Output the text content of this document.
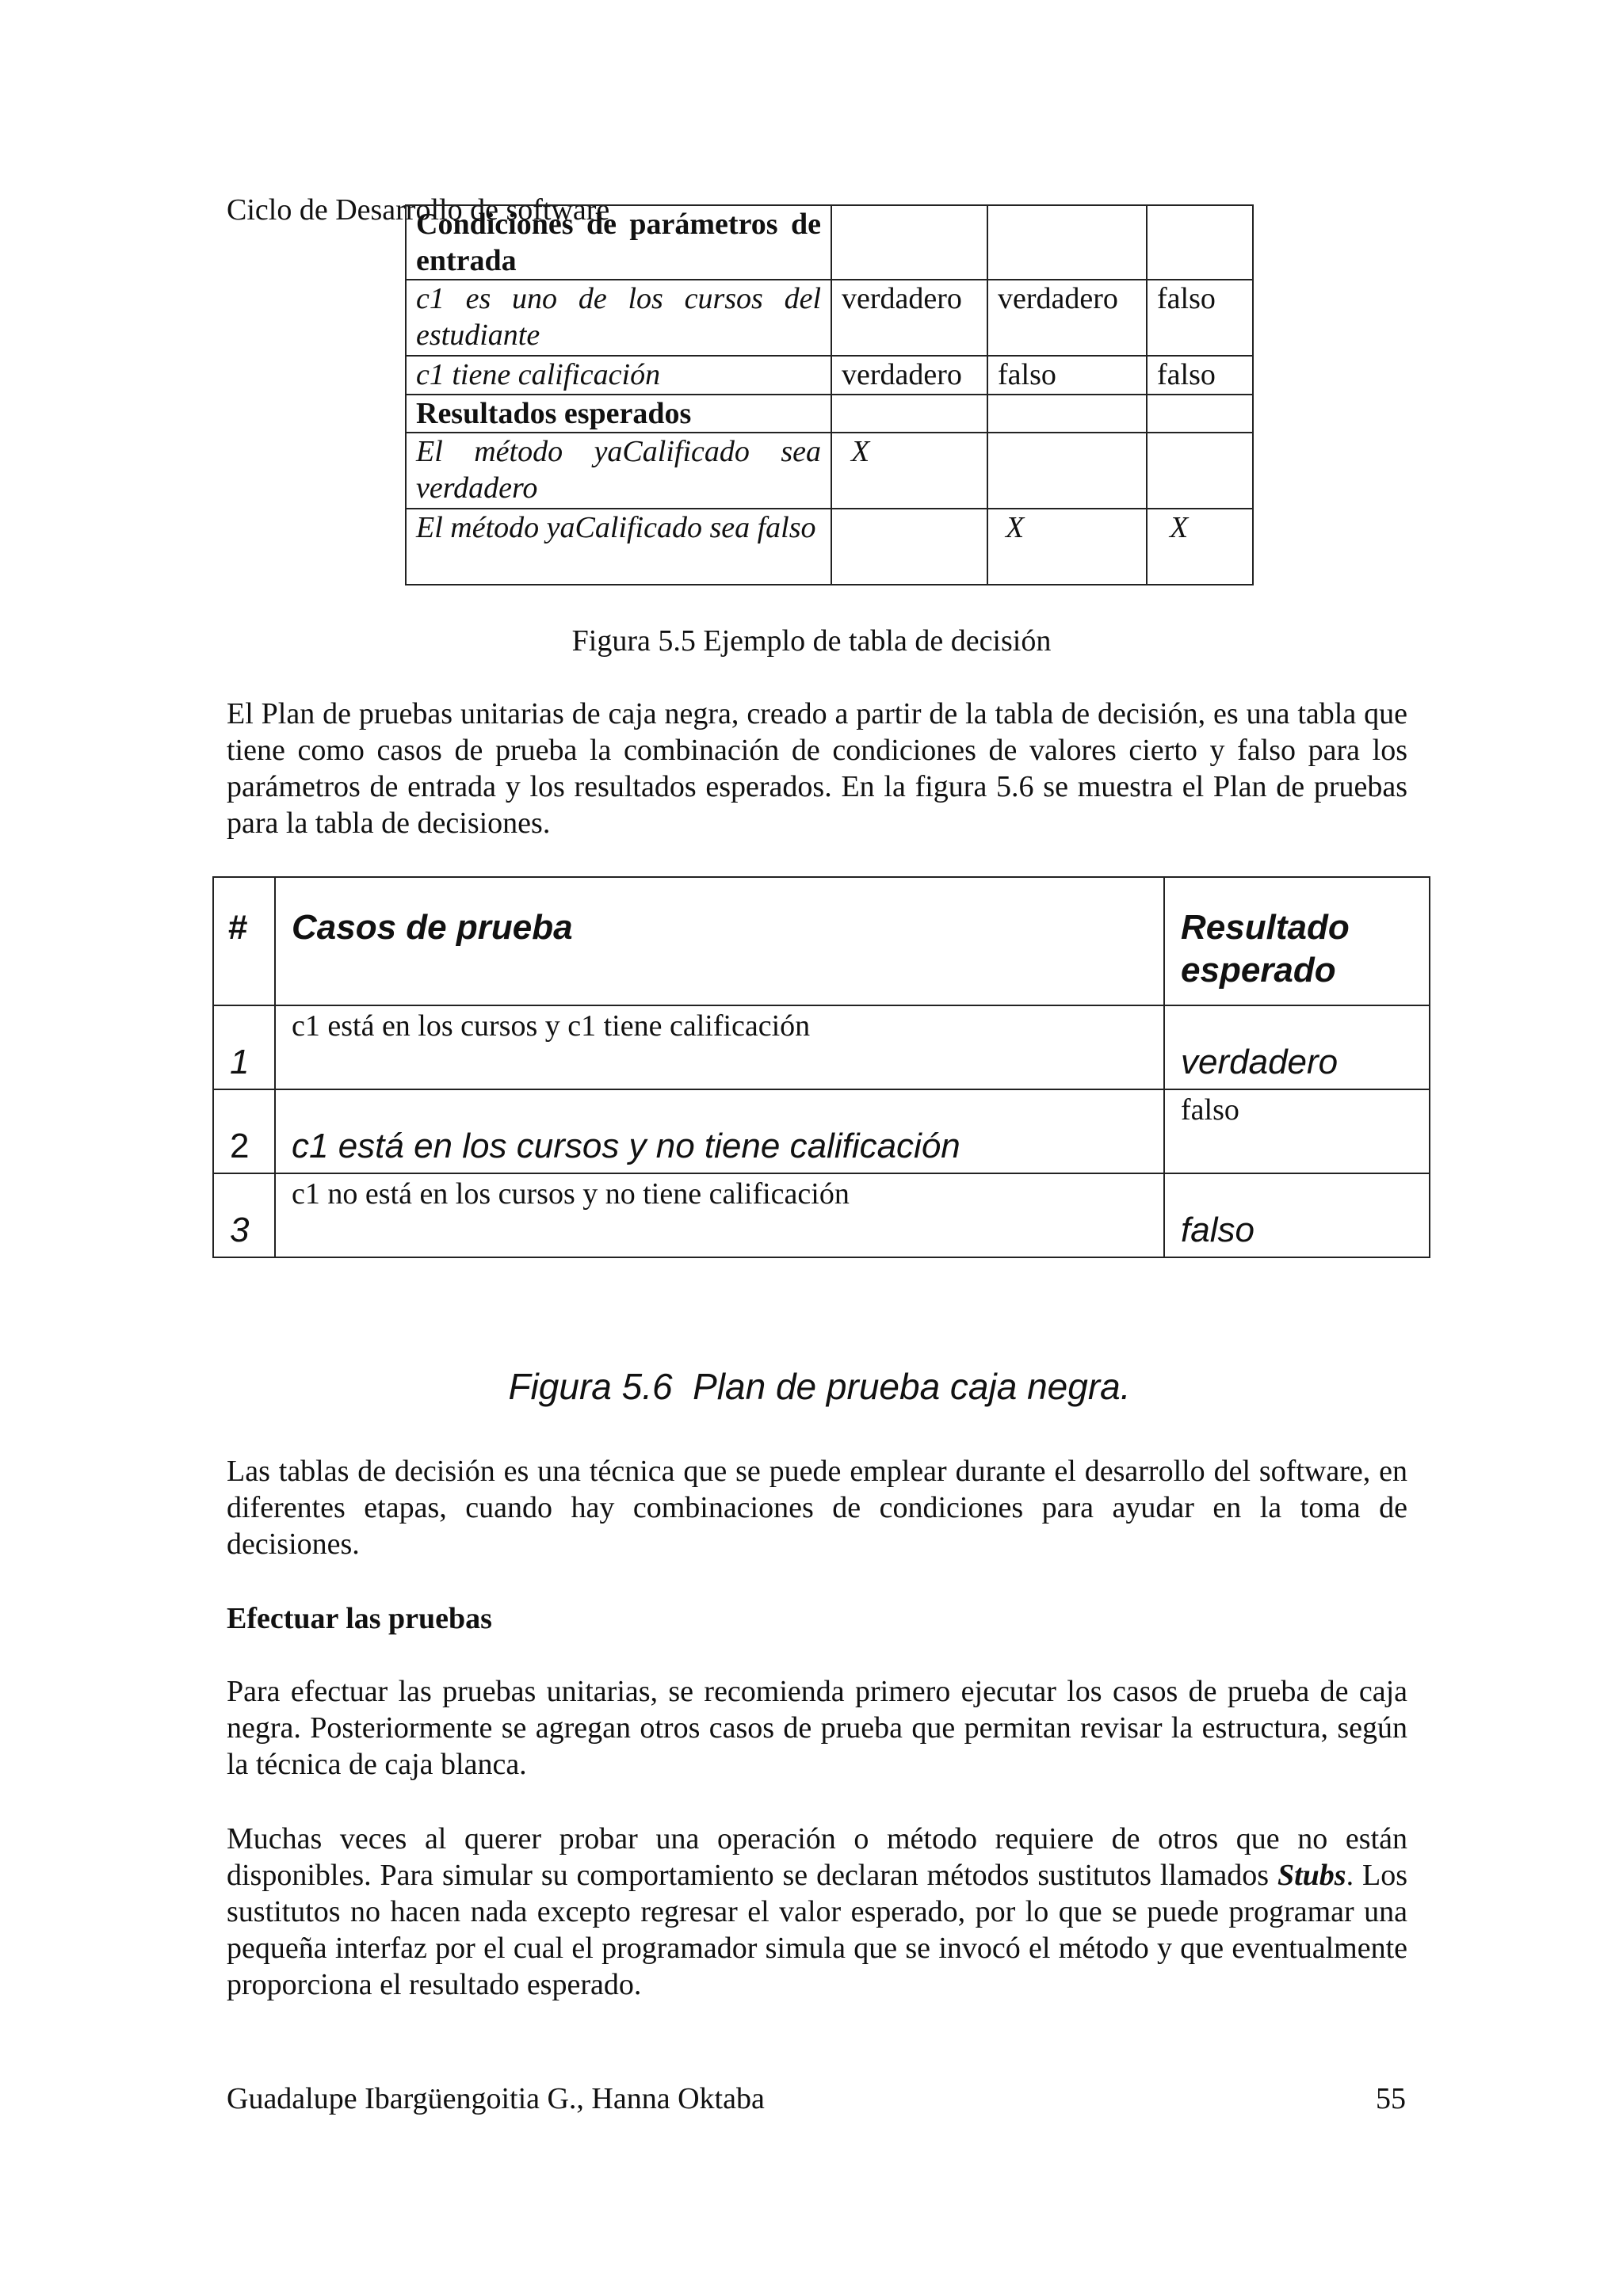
Ciclo de Desarrollo de software
Condiciones de parámetros de entrada			
c1 es uno de los cursos del estudiante	verdadero	verdadero	falso
c1 tiene calificación	verdadero	falso	falso
Resultados esperados			
El método yaCalificado sea verdadero	X		
El método yaCalificado sea falso		X	X
Figura 5.5 Ejemplo de tabla de decisión

El Plan de pruebas unitarias de caja negra, creado a partir de la tabla de decisión, es una tabla que tiene como casos de prueba la combinación de condiciones de valores cierto y falso para los parámetros de entrada y los resultados esperados. En la figura 5.6 se muestra el Plan de pruebas para la tabla de decisiones.

#	Casos de prueba	Resultado esperado

1	c1 está en los cursos y c1 tiene calificación	verdadero

2	c1 está en los cursos y no tiene calificación	falso

3	c1 no está en los cursos y no tiene calificación	falso
Figura 5.6  Plan de prueba caja negra.

Las tablas de decisión es una técnica que se puede emplear durante el desarrollo del software, en diferentes etapas, cuando hay combinaciones de condiciones para ayudar en la toma de decisiones.

Efectuar las pruebas

Para efectuar las pruebas unitarias, se recomienda primero ejecutar los casos de prueba de caja negra. Posteriormente se agregan otros casos de prueba que permitan revisar la estructura, según la técnica de caja blanca.

Muchas veces al querer probar una operación o método requiere de otros que no están disponibles. Para simular su comportamiento se declaran métodos sustitutos llamados Stubs. Los sustitutos no hacen nada excepto regresar el valor esperado, por lo que se puede programar una pequeña interfaz por el cual el programador simula que se invocó el método y que eventualmente proporciona el resultado esperado.

Guadalupe Ibargüengoitia G., Hanna Oktaba	55
